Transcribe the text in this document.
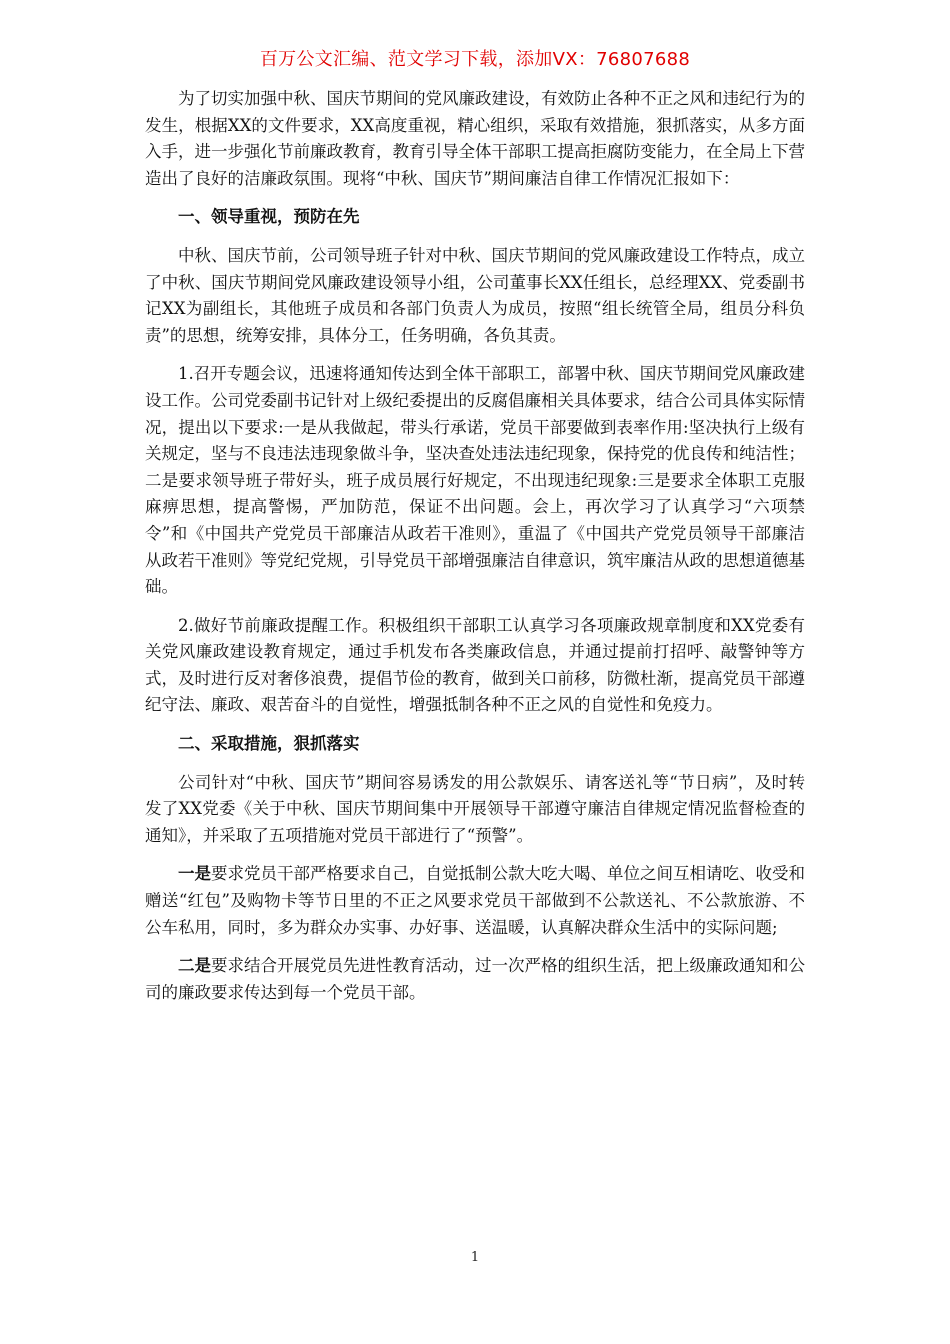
百万公文汇编、范文学习下载，添加VX：76807688

为了切实加强中秋、国庆节期间的党风廉政建设，有效防止各种不正之风和违纪行为的发生，根据XX的文件要求，XX高度重视，精心组织，采取有效措施，狠抓落实，从多方面入手，进一步强化节前廉政教育，教育引导全体干部职工提高拒腐防变能力，在全局上下营造出了良好的洁廉政氛围。现将“中秋、国庆节”期间廉洁自律工作情况汇报如下：

一、领导重视，预防在先

中秋、国庆节前，公司领导班子针对中秋、国庆节期间的党风廉政建设工作特点，成立了中秋、国庆节期间党风廉政建设领导小组，公司董事长XX任组长，总经理XX、党委副书记XX为副组长，其他班子成员和各部门负责人为成员，按照“组长统管全局，组员分科负责”的思想，统筹安排，具体分工，任务明确，各负其责。

1.召开专题会议，迅速将通知传达到全体干部职工，部署中秋、国庆节期间党风廉政建设工作。公司党委副书记针对上级纪委提出的反腐倡廉相关具体要求，结合公司具体实际情况，提出以下要求:一是从我做起，带头行承诺，党员干部要做到表率作用:坚决执行上级有关规定，坚与不良违法违现象做斗争，坚决查处违法违纪现象，保持党的优良传和纯洁性；二是要求领导班子带好头，班子成员展行好规定，不出现违纪现象:三是要求全体职工克服麻痹思想，提高警惕，严加防范，保证不出问题。会上，再次学习了认真学习“六项禁令”和《中国共产党党员干部廉洁从政若干准则》，重温了《中国共产党党员领导干部廉洁从政若干准则》等党纪党规，引导党员干部增强廉洁自律意识，筑牢廉洁从政的思想道德基础。

2.做好节前廉政提醒工作。积极组织干部职工认真学习各项廉政规章制度和XX党委有关党风廉政建设教育规定，通过手机发布各类廉政信息，并通过提前打招呼、敲警钟等方式，及时进行反对奢侈浪费，提倡节俭的教育，做到关口前移，防微杜渐，提高党员干部遵纪守法、廉政、艰苦奋斗的自觉性，增强抵制各种不正之风的自觉性和免疫力。

二、采取措施，狠抓落实

公司针对“中秋、国庆节”期间容易诱发的用公款娱乐、请客送礼等“节日病”，及时转发了XX党委《关于中秋、国庆节期间集中开展领导干部遵守廉洁自律规定情况监督检查的通知》，并采取了五项措施对党员干部进行了“预警”。

一是要求党员干部严格要求自己，自觉抵制公款大吃大喝、单位之间互相请吃、收受和赠送“红包”及购物卡等节日里的不正之风要求党员干部做到不公款送礼、不公款旅游、不公车私用，同时，多为群众办实事、办好事、送温暖，认真解决群众生活中的实际问题;

二是要求结合开展党员先进性教育活动，过一次严格的组织生活，把上级廉政通知和公司的廉政要求传达到每一个党员干部。

1
